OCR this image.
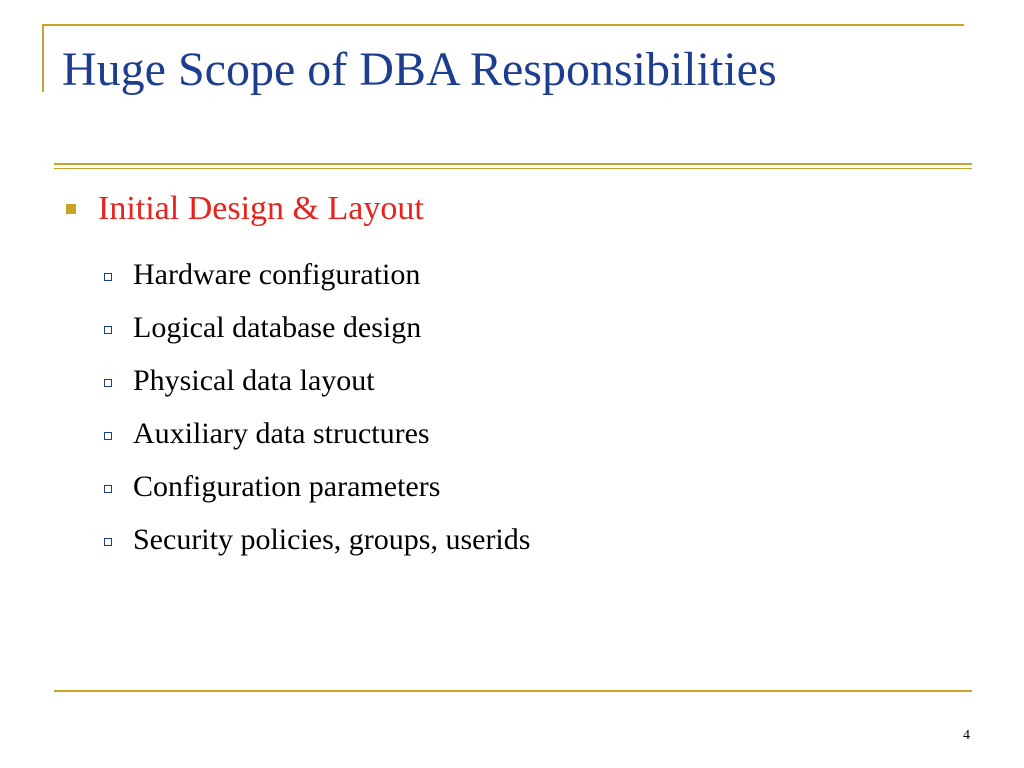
Huge Scope of DBA Responsibilities
Initial Design & Layout
Hardware configuration
Logical database design
Physical data layout
Auxiliary data structures
Configuration parameters
Security policies, groups, userids
4
